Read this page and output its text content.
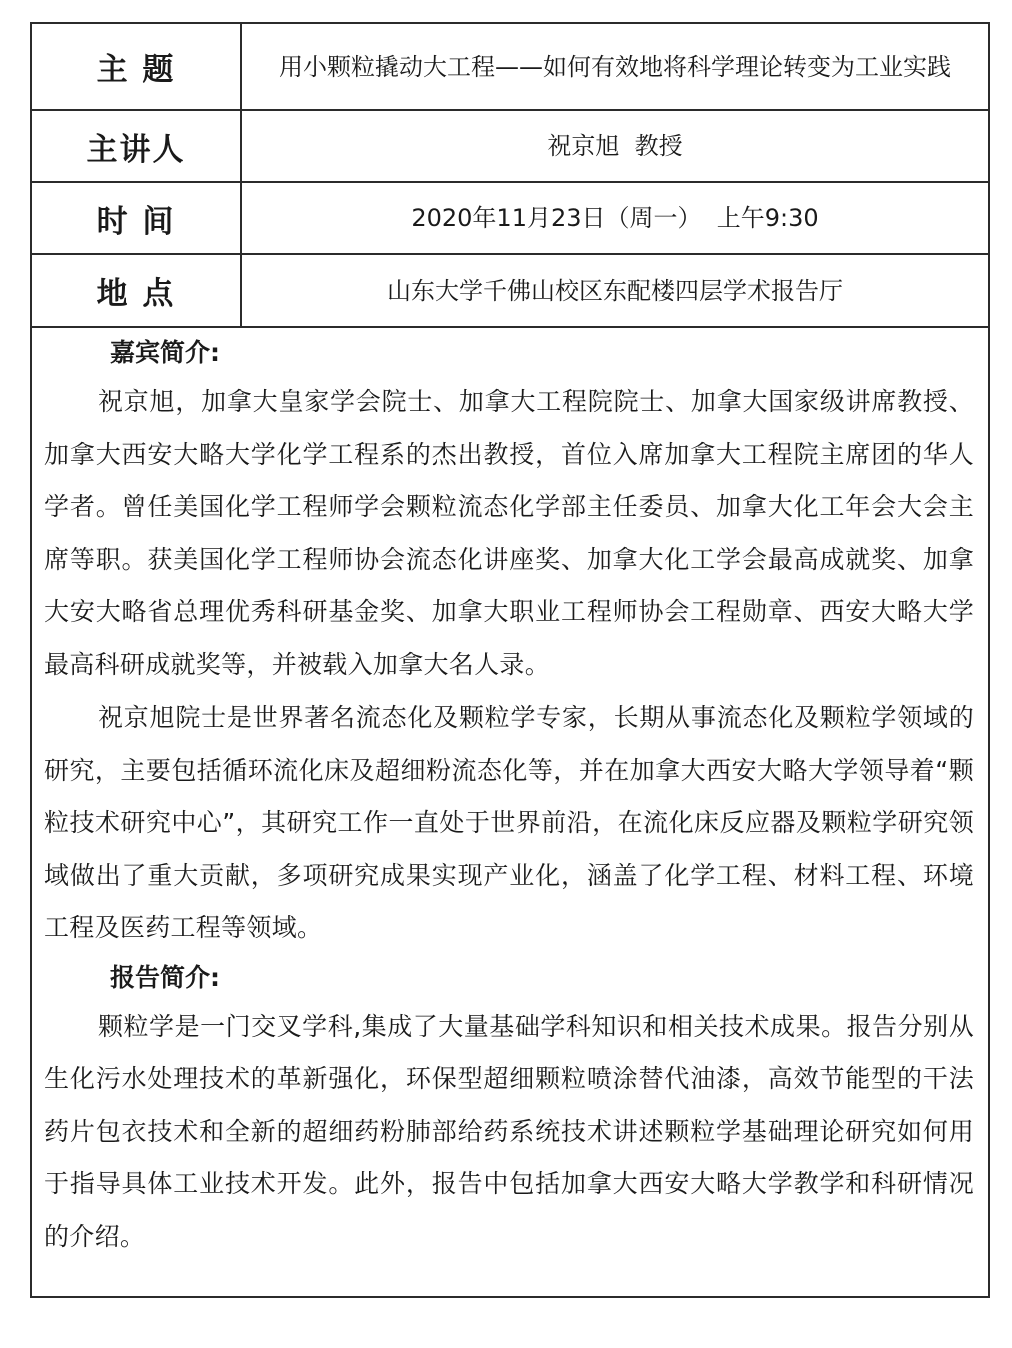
主 题	用小颗粒撬动大工程——如何有效地将科学理论转变为工业实践
主讲人	祝京旭  教授
时 间	2020年11月23日（周一）  上午9:30
地 点	山东大学千佛山校区东配楼四层学术报告厅

嘉宾简介:

祝京旭，加拿大皇家学会院士、加拿大工程院院士、加拿大国家级讲席教授、加拿大西安大略大学化学工程系的杰出教授，首位入席加拿大工程院主席团的华人学者。曾任美国化学工程师学会颗粒流态化学部主任委员、加拿大化工年会大会主席等职。获美国化学工程师协会流态化讲座奖、加拿大化工学会最高成就奖、加拿大安大略省总理优秀科研基金奖、加拿大职业工程师协会工程勋章、西安大略大学最高科研成就奖等，并被载入加拿大名人录。

祝京旭院士是世界著名流态化及颗粒学专家，长期从事流态化及颗粒学领域的研究，主要包括循环流化床及超细粉流态化等，并在加拿大西安大略大学领导着“颗粒技术研究中心”，其研究工作一直处于世界前沿，在流化床反应器及颗粒学研究领域做出了重大贡献，多项研究成果实现产业化，涵盖了化学工程、材料工程、环境工程及医药工程等领域。

报告简介:

颗粒学是一门交叉学科,集成了大量基础学科知识和相关技术成果。报告分别从生化污水处理技术的革新强化，环保型超细颗粒喷涂替代油漆，高效节能型的干法药片包衣技术和全新的超细药粉肺部给药系统技术讲述颗粒学基础理论研究如何用于指导具体工业技术开发。此外，报告中包括加拿大西安大略大学教学和科研情况的介绍。
